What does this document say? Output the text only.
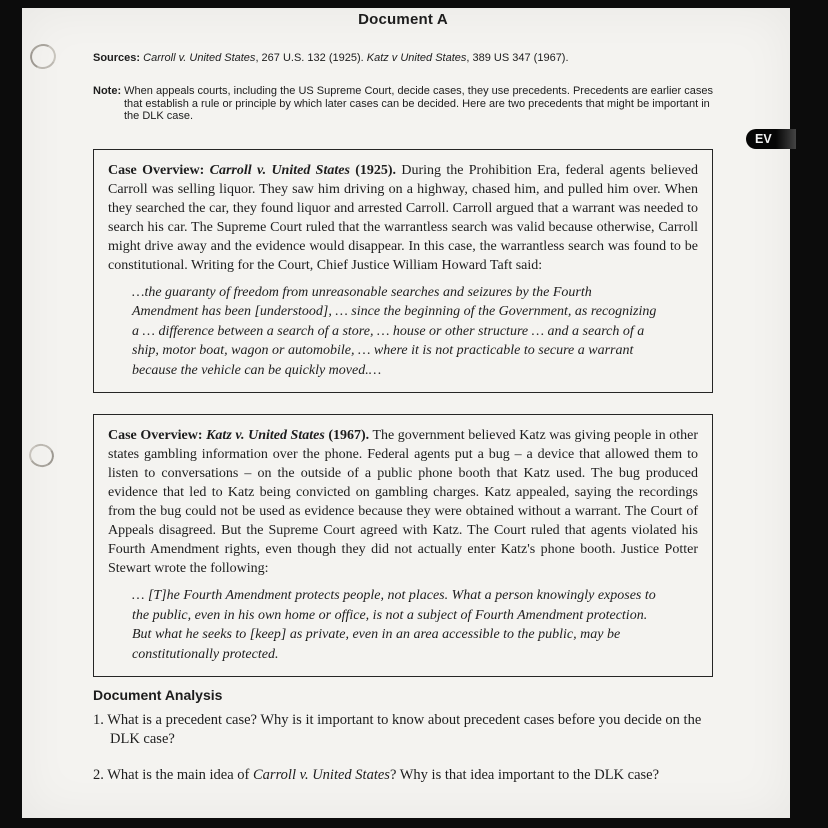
Document A

Sources: Carroll v. United States, 267 U.S. 132 (1925). Katz v United States, 389 US 347 (1967).

Note: When appeals courts, including the US Supreme Court, decide cases, they use precedents. Precedents are earlier cases that establish a rule or principle by which later cases can be decided. Here are two precedents that might be important in the DLK case.

Case Overview: Carroll v. United States (1925). During the Prohibition Era, federal agents believed Carroll was selling liquor. They saw him driving on a highway, chased him, and pulled him over. When they searched the car, they found liquor and arrested Carroll. Carroll argued that a warrant was needed to search his car. The Supreme Court ruled that the warrantless search was valid because otherwise, Carroll might drive away and the evidence would disappear. In this case, the warrantless search was found to be constitutional. Writing for the Court, Chief Justice William Howard Taft said:

…the guaranty of freedom from unreasonable searches and seizures by the Fourth Amendment has been [understood], … since the beginning of the Government, as recognizing a … difference between a search of a store, … house or other structure … and a search of a ship, motor boat, wagon or automobile, … where it is not practicable to secure a warrant because the vehicle can be quickly moved.…

Case Overview: Katz v. United States (1967). The government believed Katz was giving people in other states gambling information over the phone. Federal agents put a bug – a device that allowed them to listen to conversations – on the outside of a public phone booth that Katz used. The bug produced evidence that led to Katz being convicted on gambling charges. Katz appealed, saying the recordings from the bug could not be used as evidence because they were obtained without a warrant. The Court of Appeals disagreed. But the Supreme Court agreed with Katz. The Court ruled that agents violated his Fourth Amendment rights, even though they did not actually enter Katz's phone booth. Justice Potter Stewart wrote the following:

… [T]he Fourth Amendment protects people, not places. What a person knowingly exposes to the public, even in his own home or office, is not a subject of Fourth Amendment protection. But what he seeks to [keep] as private, even in an area accessible to the public, may be constitutionally protected.

Document Analysis

1. What is a precedent case? Why is it important to know about precedent cases before you decide on the DLK case?

2. What is the main idea of Carroll v. United States? Why is that idea important to the DLK case?

EV
